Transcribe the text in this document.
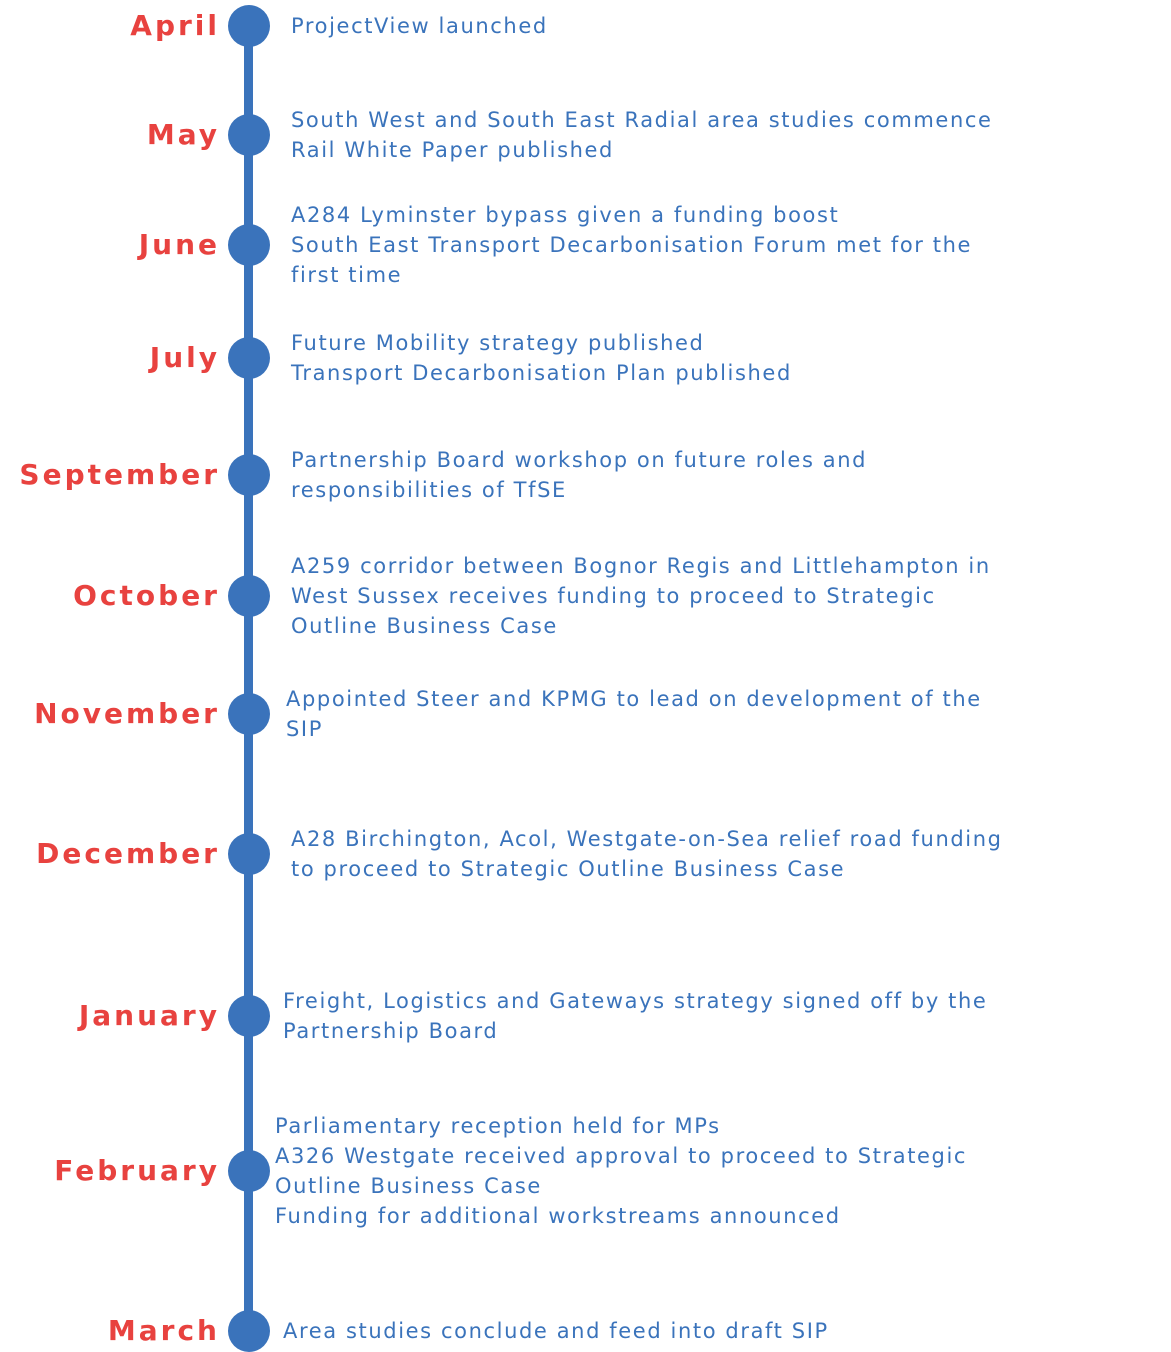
April	ProjectView launched
May	South West and South East Radial area studies commence
Rail White Paper published
June
A284 Lyminster bypass given a funding boost
South East Transport Decarbonisation Forum met for the
first time
July	Future Mobility strategy published
Transport Decarbonisation Plan published
September	Partnership Board workshop on future roles and
responsibilities of TfSE
October
A259 corridor between Bognor Regis and Littlehampton in
West Sussex receives funding to proceed to Strategic
Outline Business Case
November	Appointed Steer and KPMG to lead on development of the
SIP
December	A28 Birchington, Acol, Westgate-on-Sea relief road funding
to proceed to Strategic Outline Business Case
January	Freight, Logistics and Gateways strategy signed off by the
Partnership Board
February
Parliamentary reception held for MPs
A326 Westgate received approval to proceed to Strategic
Outline Business Case
Funding for additional workstreams announced
March	Area studies conclude and feed into draft SIP
